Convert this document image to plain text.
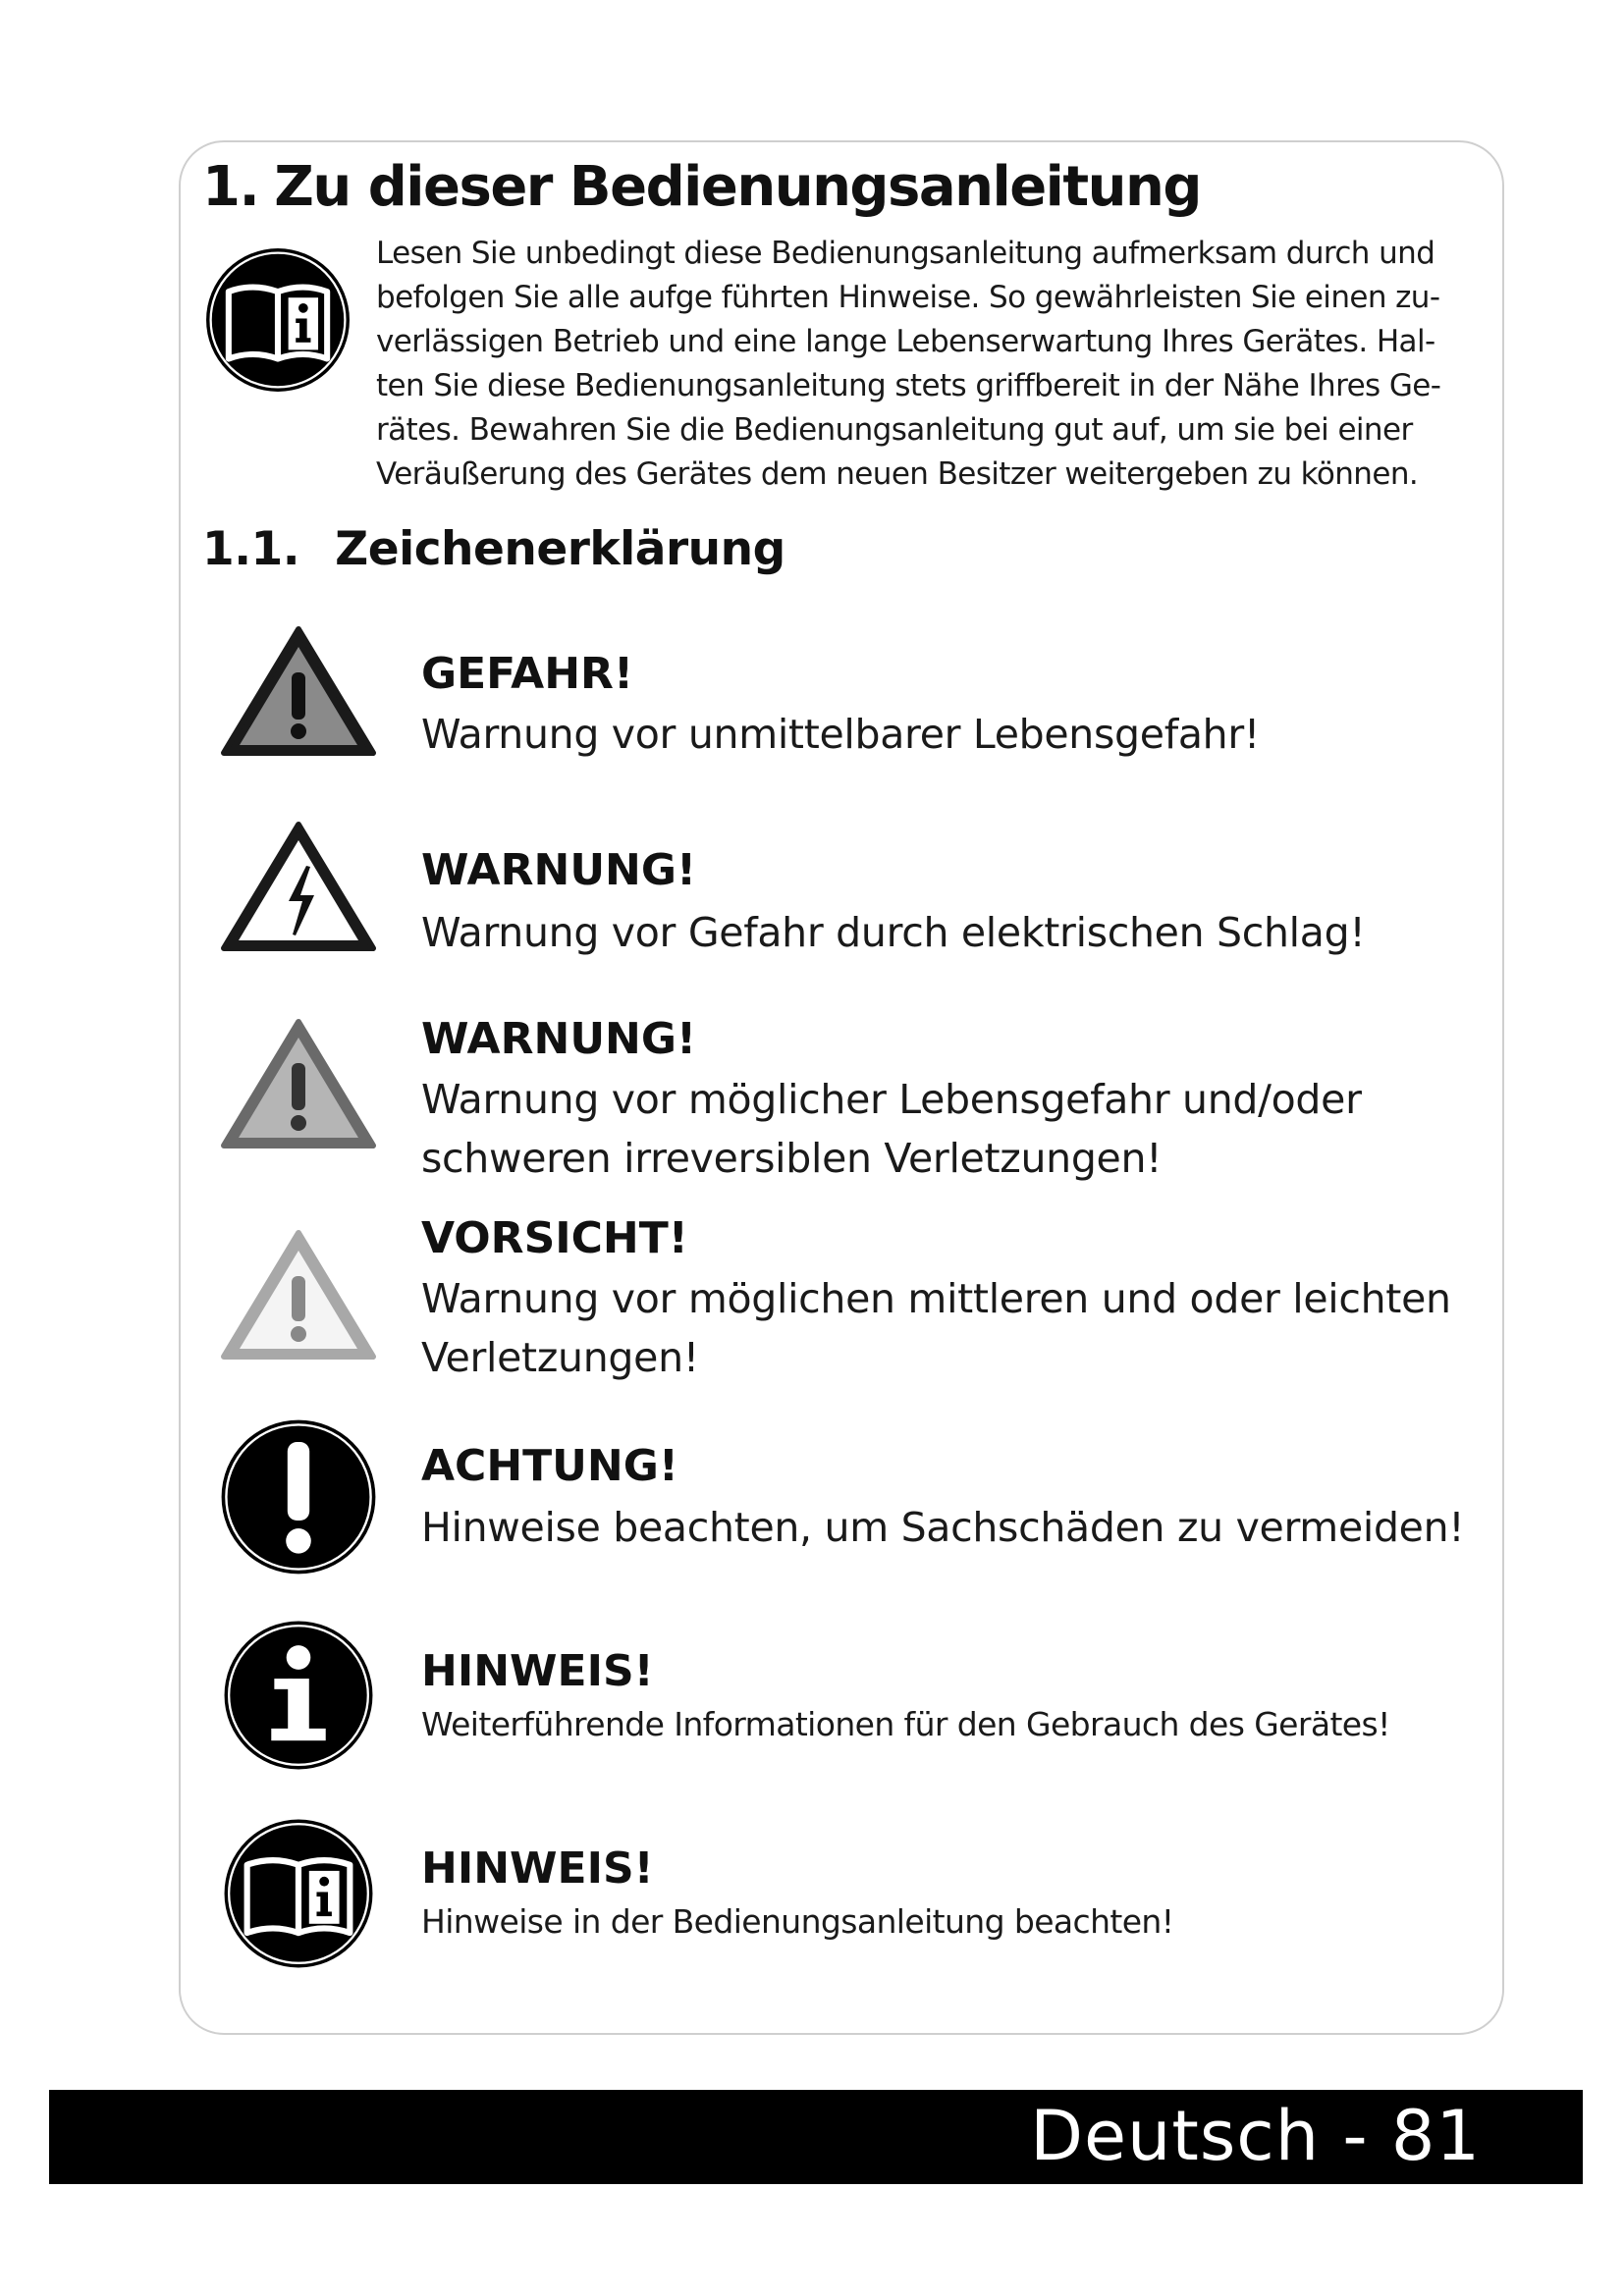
1. Zu dieser Bedienungsanleitung

Lesen Sie unbedingt diese Bedienungsanleitung aufmerksam durch und
befolgen Sie alle aufge führten Hinweise. So gewährleisten Sie einen zu-
verlässigen Betrieb und eine lange Lebenserwartung Ihres Gerätes. Hal-
ten Sie diese Bedienungsanleitung stets griffbereit in der Nähe Ihres Ge-
rätes. Bewahren Sie die Bedienungsanleitung gut auf, um sie bei einer
Veräußerung des Gerätes dem neuen Besitzer weitergeben zu können.

1.1. Zeichenerklärung
GEFAHR!

Warnung vor unmittelbarer Lebensgefahr!

WARNUNG!

Warnung vor Gefahr durch elektrischen Schlag!

WARNUNG!

Warnung vor möglicher Lebensgefahr und/oder
schweren irreversiblen Verletzungen!

VORSICHT!

Warnung vor möglichen mittleren und oder leichten
Verletzungen!

ACHTUNG!

Hinweise beachten, um Sachschäden zu vermeiden!

HINWEIS!

Weiterführende Informationen für den Gebrauch des Gerätes!

HINWEIS!

Hinweise in der Bedienungsanleitung beachten!

Deutsch - 81
